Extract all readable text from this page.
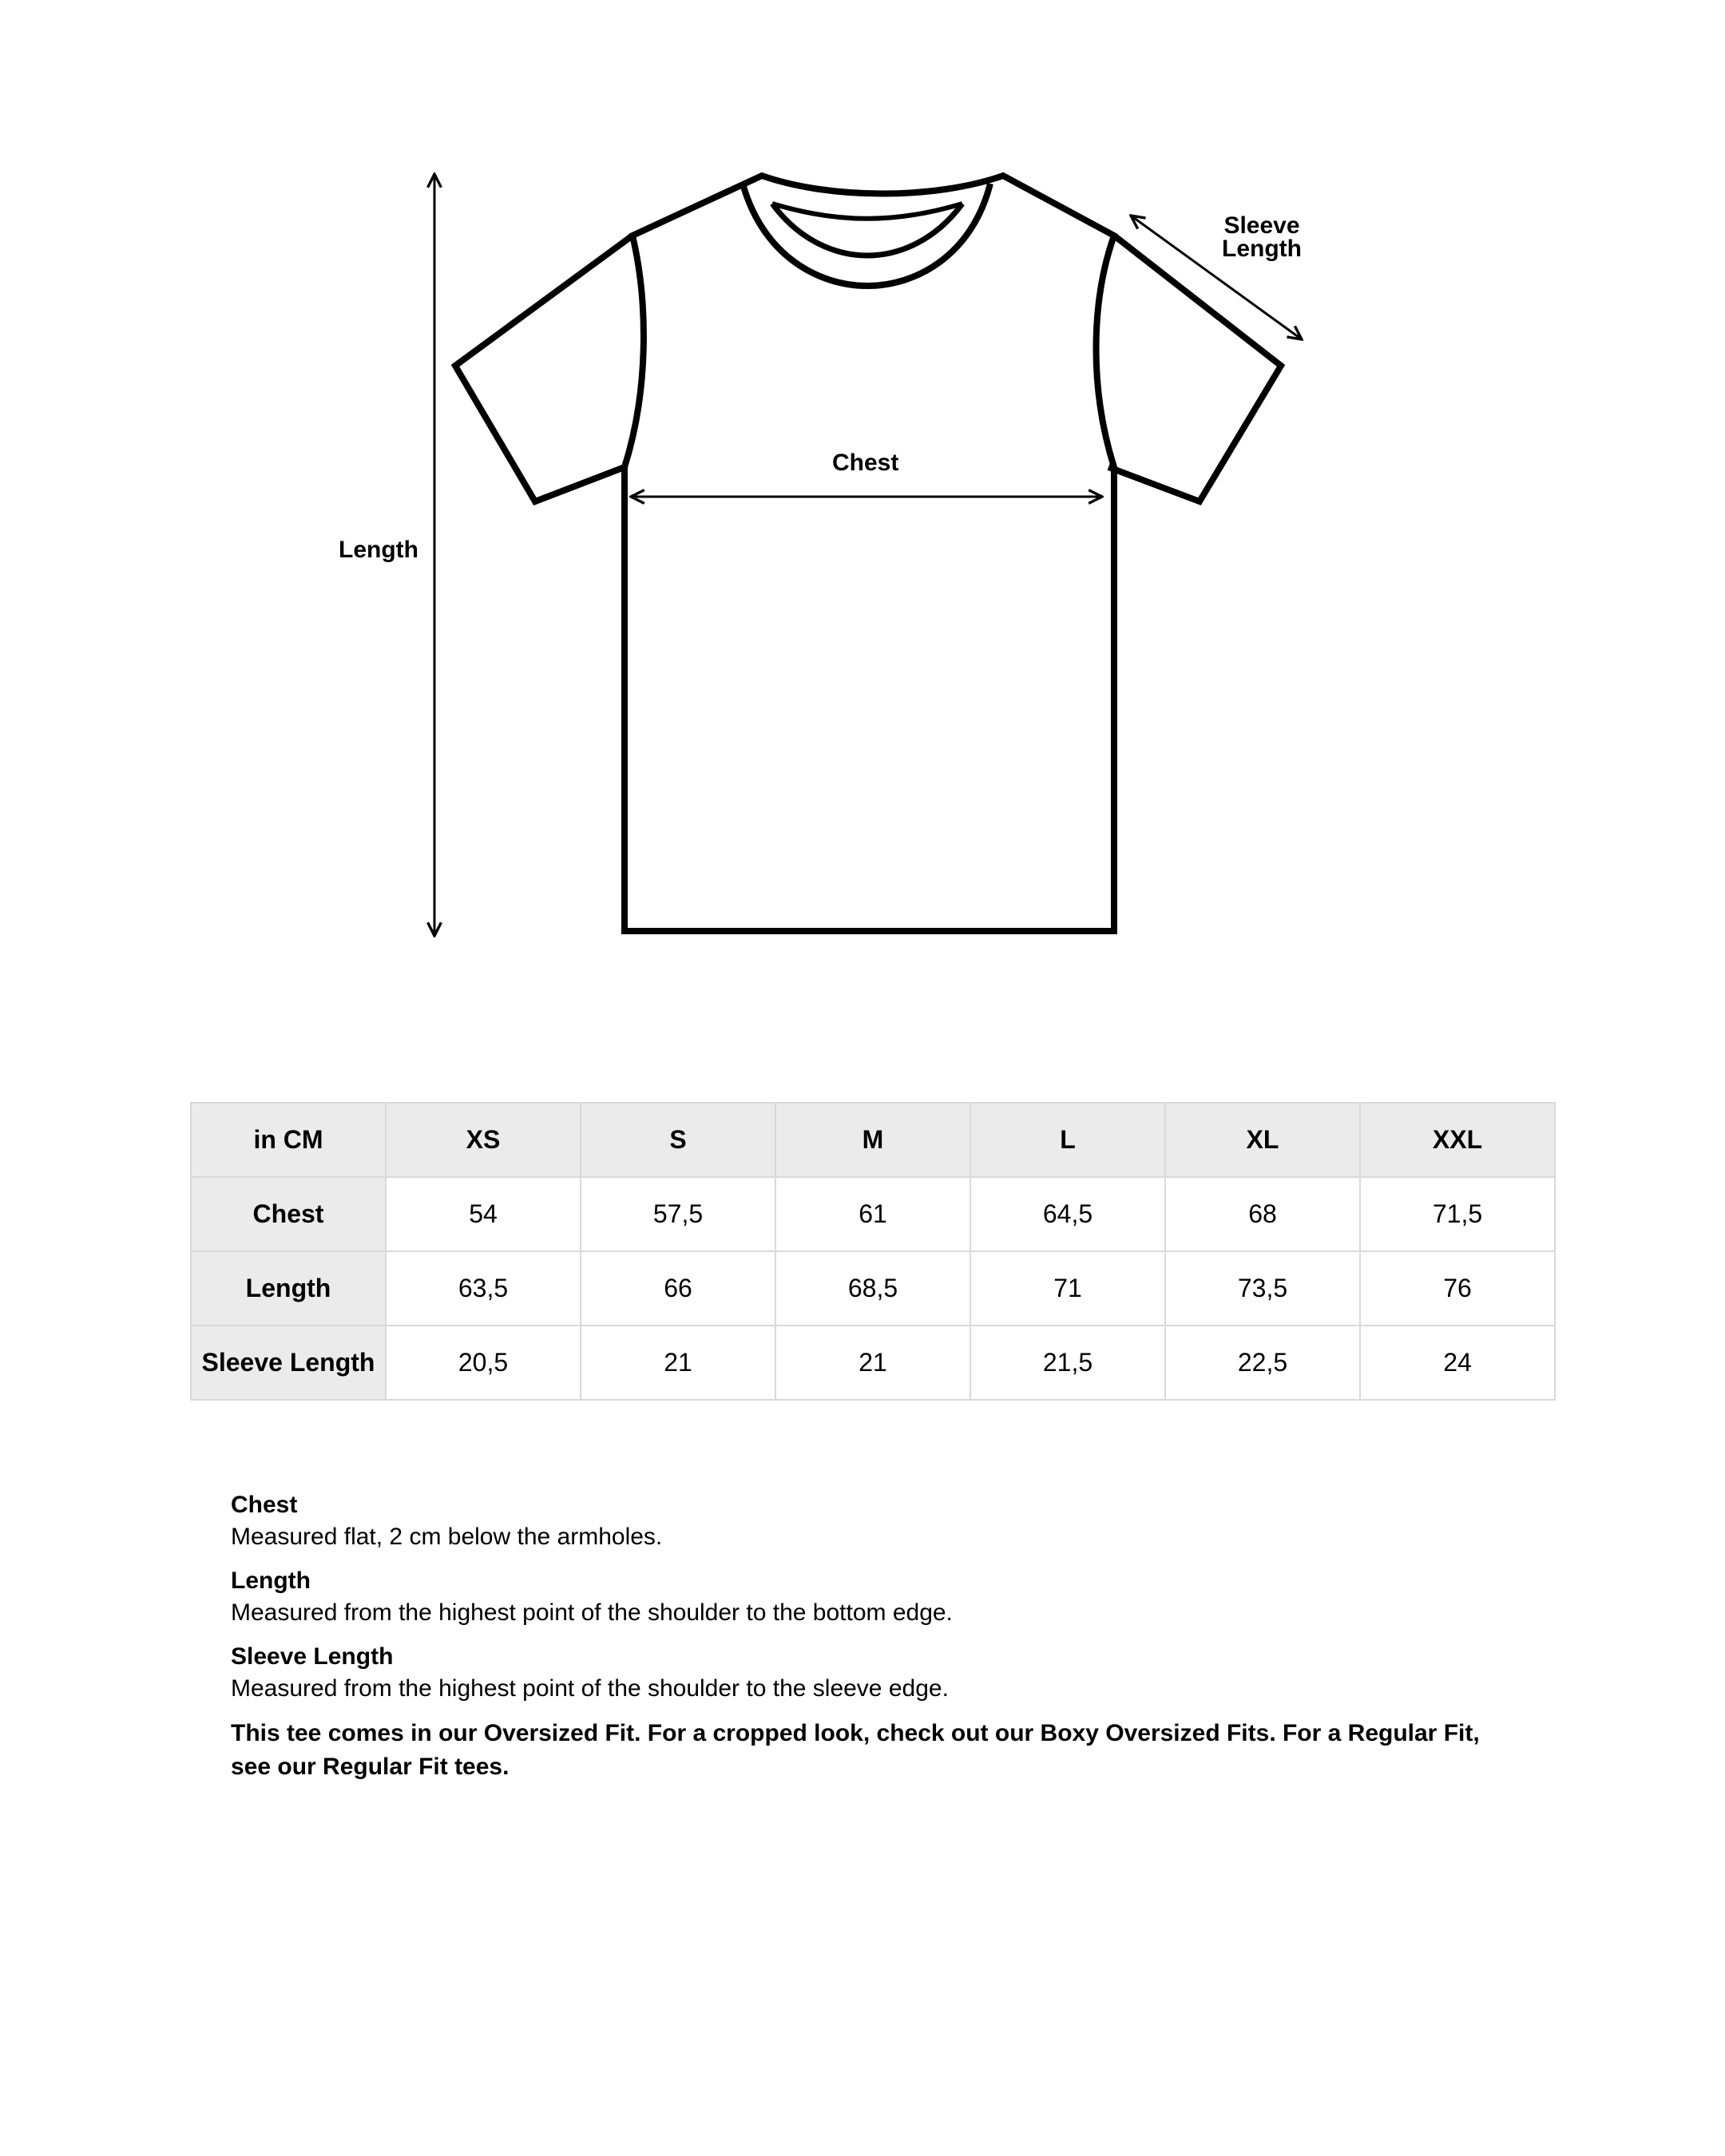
Length
Chest
Sleeve
Length
in CM	XS	S	M	L	XL	XXL
Chest	54	57,5	61	64,5	68	71,5
Length	63,5	66	68,5	71	73,5	76
Sleeve Length	20,5	21	21	21,5	22,5	24
Chest
Measured flat, 2 cm below the armholes.
Length
Measured from the highest point of the shoulder to the bottom edge.
Sleeve Length
Measured from the highest point of the shoulder to the sleeve edge.
This tee comes in our Oversized Fit. For a cropped look, check out our Boxy Oversized Fits. For a Regular Fit, see our Regular Fit tees.
